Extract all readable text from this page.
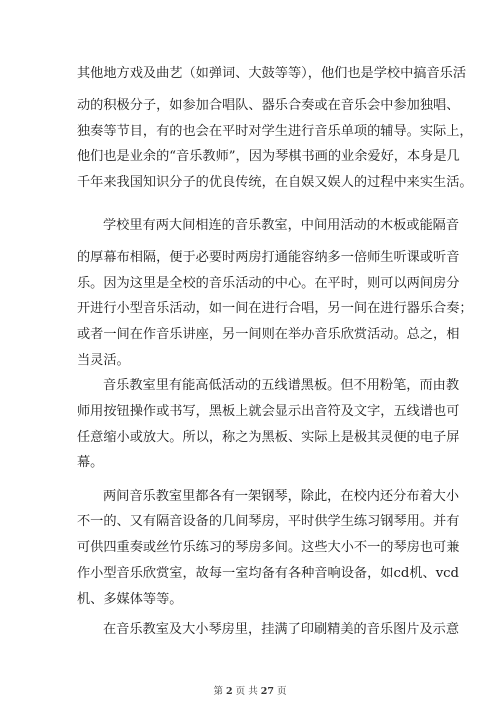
其他地方戏及曲艺（如弹词、大鼓等等），他们也是学校中搞音乐活
动的积极分子，如参加合唱队、器乐合奏或在音乐会中参加独唱、
独奏等节目，有的也会在平时对学生进行音乐单项的辅导。实际上，
他们也是业余的“音乐教师”，因为琴棋书画的业余爱好，本身是几
千年来我国知识分子的优良传统，在自娱又娱人的过程中来实生活。
学校里有两大间相连的音乐教室，中间用活动的木板或能隔音
的厚幕布相隔，便于必要时两房打通能容纳多一倍师生听课或听音
乐。因为这里是全校的音乐活动的中心。在平时，则可以两间房分
开进行小型音乐活动，如一间在进行合唱，另一间在进行器乐合奏；
或者一间在作音乐讲座，另一间则在举办音乐欣赏活动。总之，相
当灵活。
音乐教室里有能高低活动的五线谱黑板。但不用粉笔，而由教
师用按钮操作或书写，黑板上就会显示出音符及文字，五线谱也可
任意缩小或放大。所以，称之为黑板、实际上是极其灵便的电子屏
幕。
两间音乐教室里都各有一架钢琴，除此，在校内还分布着大小
不一的、又有隔音设备的几间琴房，平时供学生练习钢琴用。并有
可供四重奏或丝竹乐练习的琴房多间。这些大小不一的琴房也可兼
作小型音乐欣赏室，故每一室均备有各种音响设备，如cd机、vcd
机、多媒体等等。
在音乐教室及大小琴房里，挂满了印刷精美的音乐图片及示意
第 2 页 共 27 页
